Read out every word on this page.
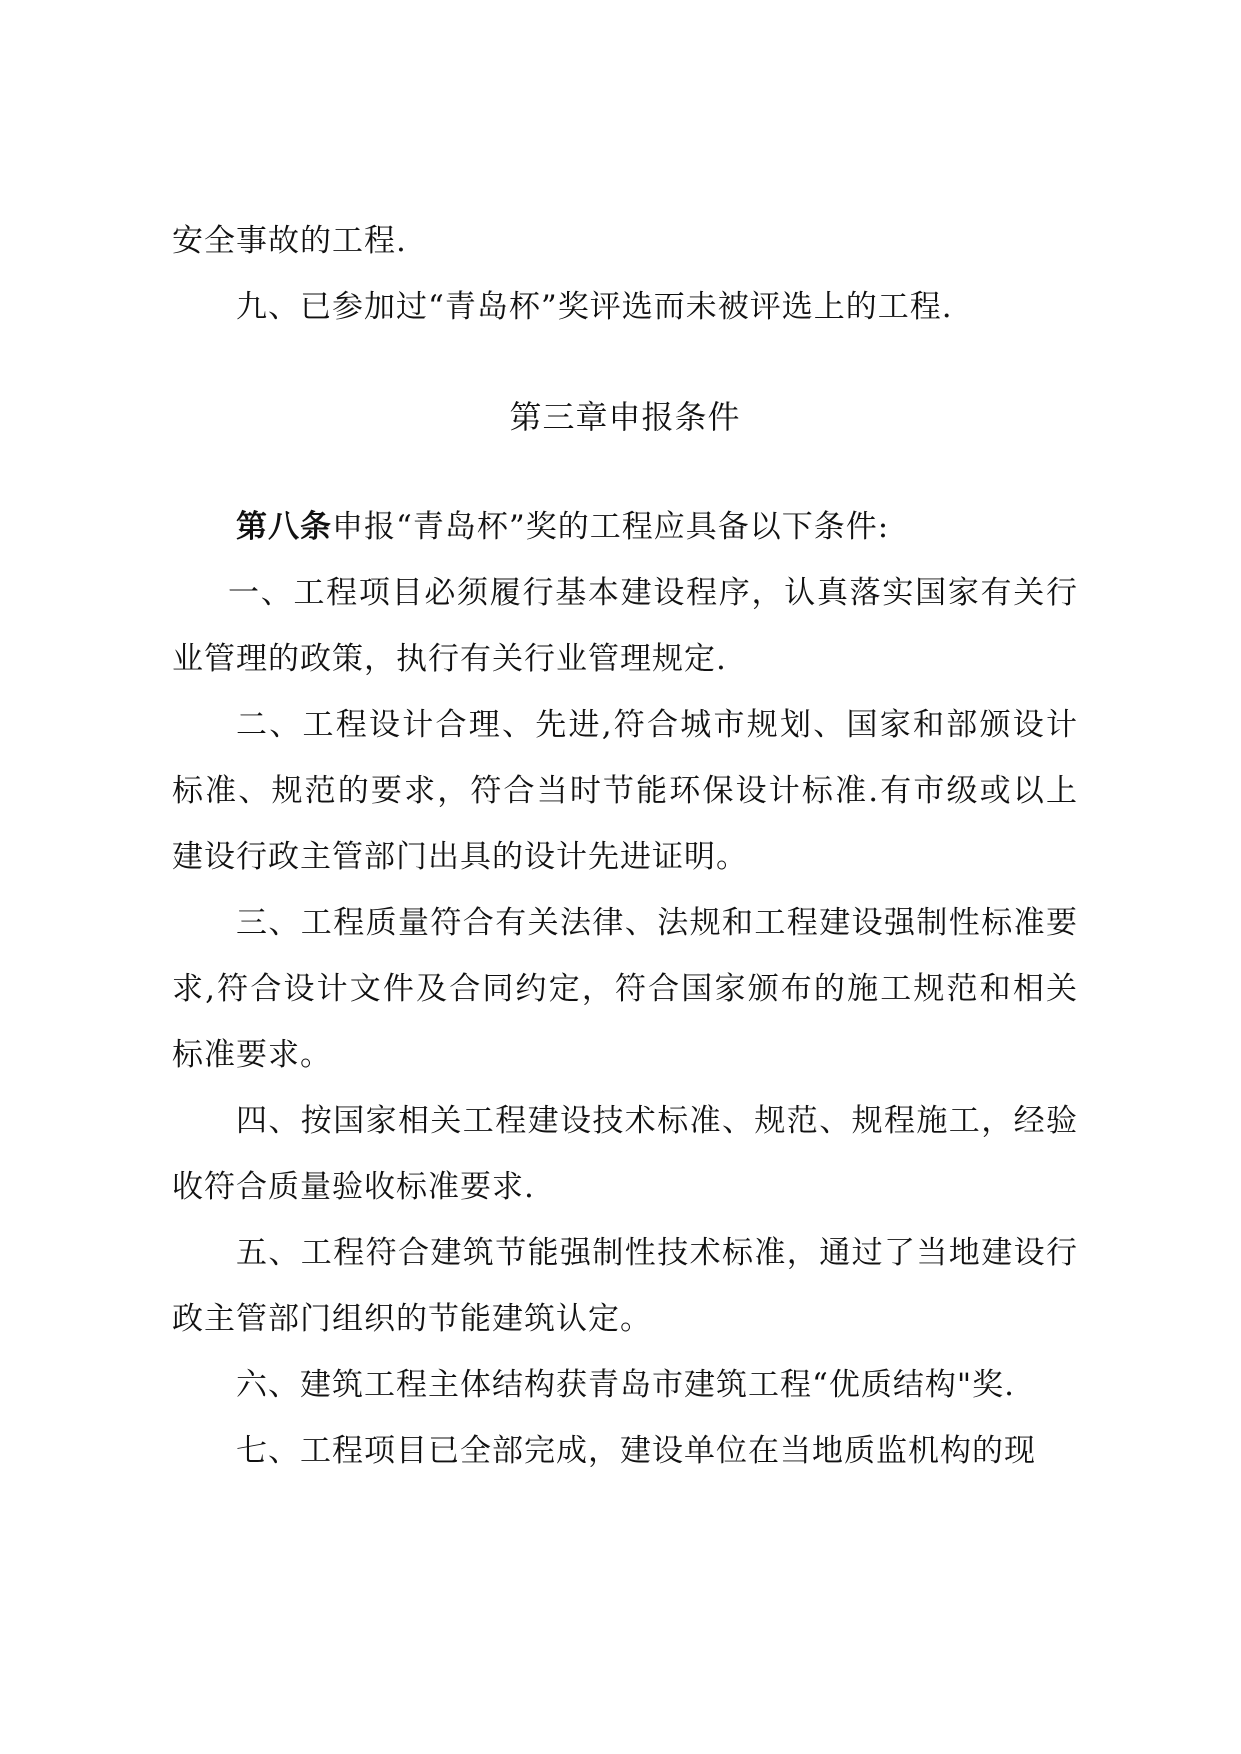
安全事故的工程.

九、已参加过“青岛杯”奖评选而未被评选上的工程.

第三章申报条件

第八条申报“青岛杯”奖的工程应具备以下条件:

一、工程项目必须履行基本建设程序，认真落实国家有关行业管理的政策，执行有关行业管理规定.

二、工程设计合理、先进,符合城市规划、国家和部颁设计标准、规范的要求，符合当时节能环保设计标准.有市级或以上建设行政主管部门出具的设计先进证明。

三、工程质量符合有关法律、法规和工程建设强制性标准要求,符合设计文件及合同约定，符合国家颁布的施工规范和相关标准要求。

四、按国家相关工程建设技术标准、规范、规程施工，经验收符合质量验收标准要求.

五、工程符合建筑节能强制性技术标准，通过了当地建设行政主管部门组织的节能建筑认定。

六、建筑工程主体结构获青岛市建筑工程“优质结构"奖.

七、工程项目已全部完成，建设单位在当地质监机构的现
